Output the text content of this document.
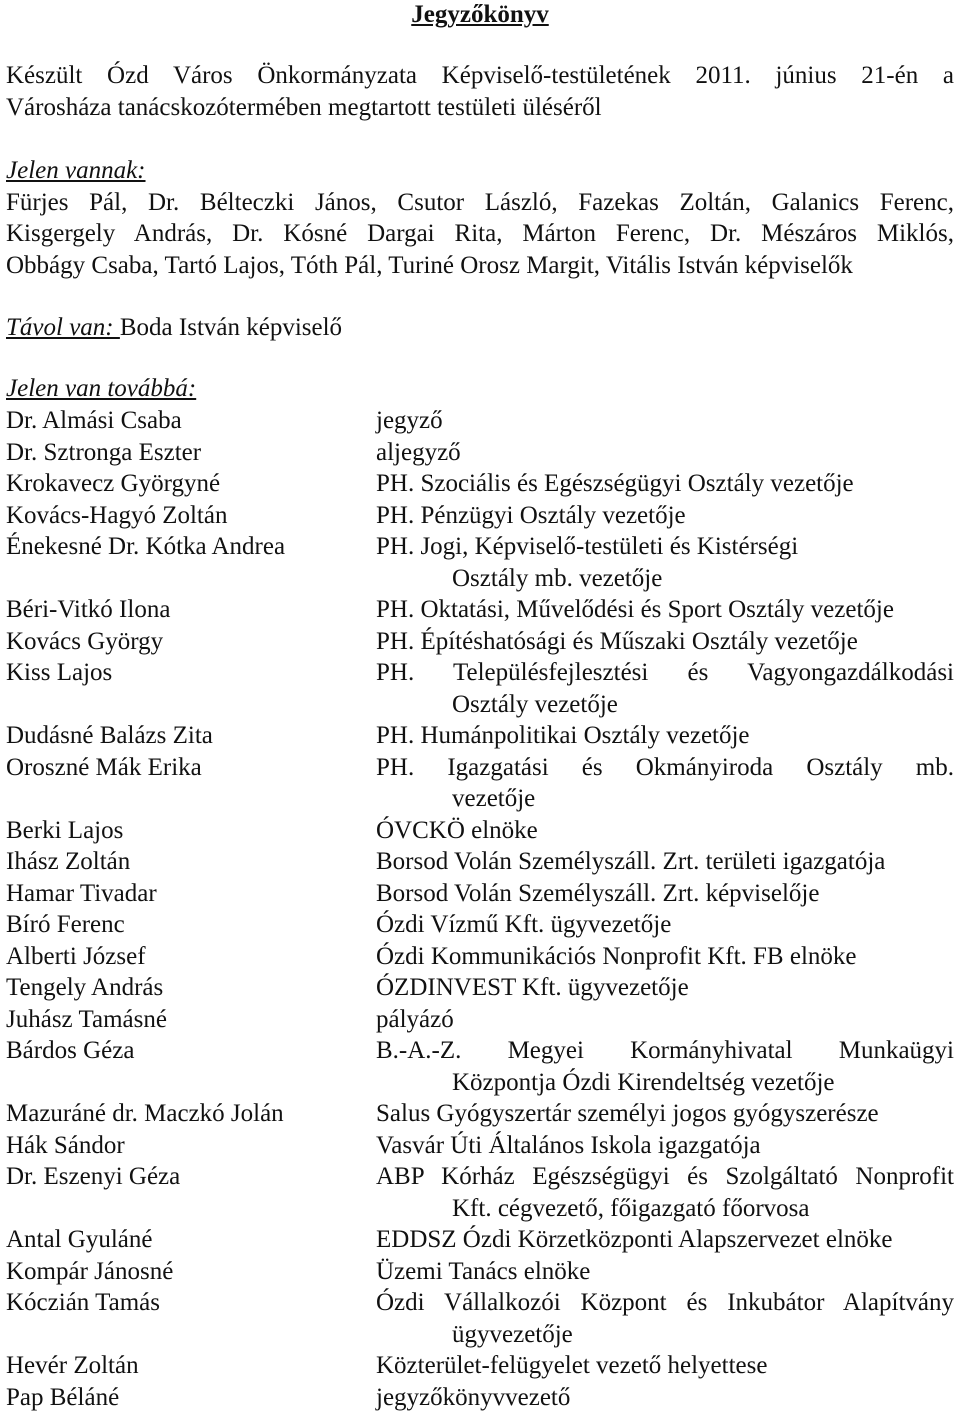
Jegyzőkönyv
Készült Ózd Város Önkormányzata Képviselő-testületének 2011. június 21-én a
Városháza tanácskozótermében megtartott testületi üléséről
Jelen vannak:
Fürjes Pál, Dr. Bélteczki János, Csutor László, Fazekas Zoltán, Galanics Ferenc,
Kisgergely András, Dr. Kósné Dargai Rita, Márton Ferenc, Dr. Mészáros Miklós,
Obbágy Csaba, Tartó Lajos, Tóth Pál, Turiné Orosz Margit, Vitális István képviselők
Távol van: Boda István képviselő
Jelen van továbbá:
Dr. Almási Csaba	jegyző
Dr. Sztronga Eszter	aljegyző
Krokavecz Györgyné	PH. Szociális és Egészségügyi Osztály vezetője
Kovács-Hagyó Zoltán	PH. Pénzügyi Osztály vezetője
Énekesné Dr. Kótka Andrea	PH. Jogi, Képviselő-testületi és Kistérségi
Osztály mb. vezetője
Béri-Vitkó Ilona	PH. Oktatási, Művelődési és Sport Osztály vezetője
Kovács György	PH. Építéshatósági és Műszaki Osztály vezetője
Kiss Lajos	PH. Településfejlesztési és Vagyongazdálkodási
Osztály vezetője
Dudásné Balázs Zita	PH. Humánpolitikai Osztály vezetője
Oroszné Mák Erika	PH. Igazgatási és Okmányiroda Osztály mb.
vezetője
Berki Lajos	ÓVCKÖ elnöke
Ihász Zoltán	Borsod Volán Személyszáll. Zrt. területi igazgatója
Hamar Tivadar	Borsod Volán Személyszáll. Zrt. képviselője
Bíró Ferenc	Ózdi Vízmű Kft. ügyvezetője
Alberti József	Ózdi Kommunikációs Nonprofit Kft. FB elnöke
Tengely András	ÓZDINVEST Kft. ügyvezetője
Juhász Tamásné	pályázó
Bárdos Géza	B.-A.-Z. Megyei Kormányhivatal Munkaügyi
Központja Ózdi Kirendeltség vezetője
Mazuráné dr. Maczkó Jolán	Salus Gyógyszertár személyi jogos gyógyszerésze
Hák Sándor	Vasvár Úti Általános Iskola igazgatója
Dr. Eszenyi Géza	ABP Kórház Egészségügyi és Szolgáltató Nonprofit
Kft. cégvezető, főigazgató főorvosa
Antal Gyuláné	EDDSZ Ózdi Körzetközponti Alapszervezet elnöke
Kompár Jánosné	Üzemi Tanács elnöke
Kóczián Tamás	Ózdi Vállalkozói Központ és Inkubátor Alapítvány
ügyvezetője
Hevér Zoltán	Közterület-felügyelet vezető helyettese
Pap Béláné	jegyzőkönyvvezető
